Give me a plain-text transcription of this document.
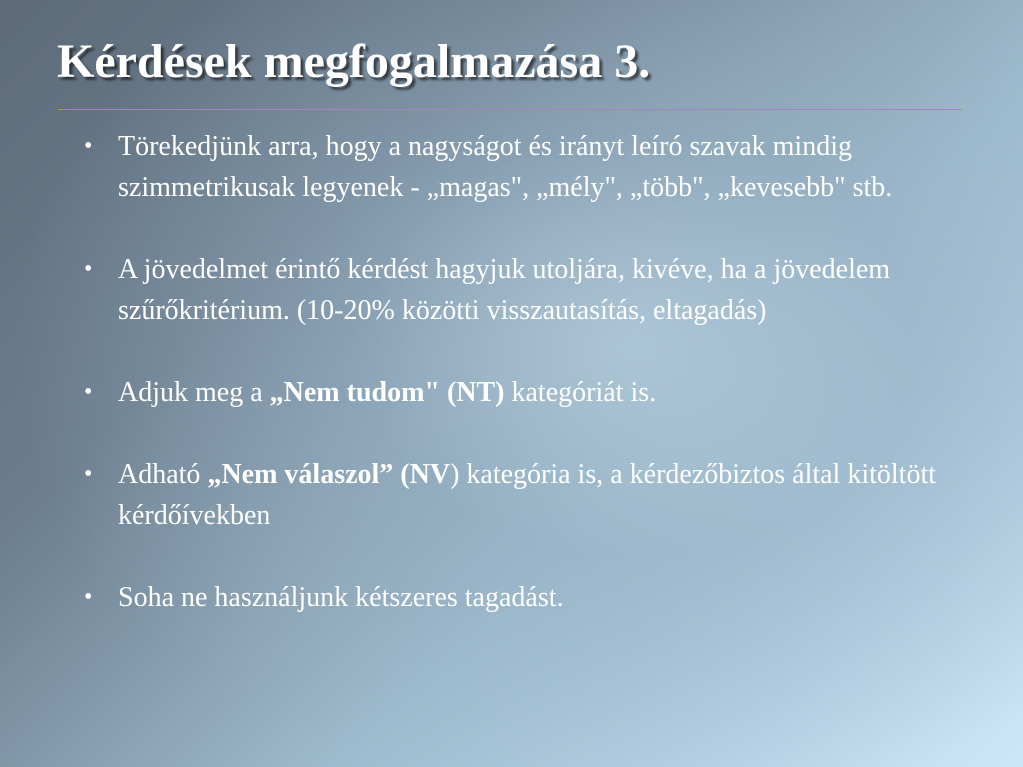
Kérdések megfogalmazása 3.
• Törekedjünk arra, hogy a nagyságot és irányt leíró szavak mindig szimmetrikusak legyenek - „magas", „mély", „több", „kevesebb" stb.
• A jövedelmet érintő kérdést hagyjuk utoljára, kivéve, ha a jövedelem szűrőkritérium. (10-20% közötti visszautasítás, eltagadás)
• Adjuk meg a „Nem tudom" (NT) kategóriát is.
• Adható „Nem válaszol” (NV) kategória is, a kérdezőbiztos által kitöltött kérdőívekben
• Soha ne használjunk kétszeres tagadást.
